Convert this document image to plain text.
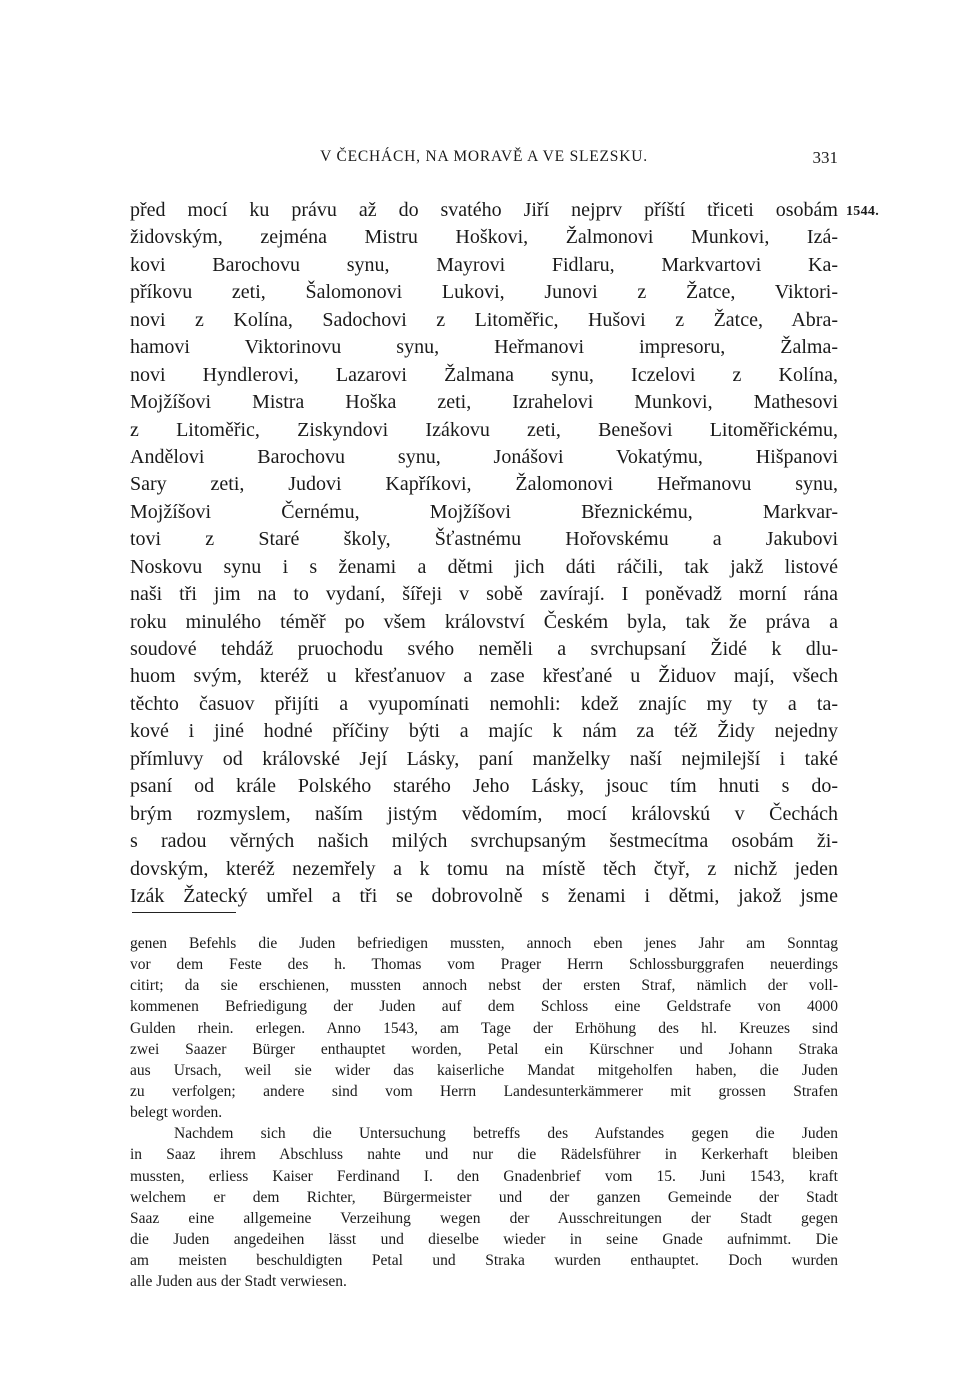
V ČECHÁCH, NA MORAVĚ A VE SLEZSKU.	331
1544.
před mocí ku právu až do svatého Jiří nejprv příští třiceti osobám
židovským, zejména Mistru Hoškovi, Žalmonovi Munkovi, Izá-
kovi Barochovu synu, Mayrovi Fidlaru, Markvartovi Ka-
příkovu zeti, Šalomonovi Lukovi, Junovi z Žatce, Viktori-
novi z Kolína, Sadochovi z Litoměřic, Hušovi z Žatce, Abra-
hamovi Viktorinovu synu, Heřmanovi impresoru, Žalma-
novi Hyndlerovi, Lazarovi Žalmana synu, Iczelovi z Kolína,
Mojžíšovi Mistra Hoška zeti, Izrahelovi Munkovi, Mathesovi
z Litoměřic, Ziskyndovi Izákovu zeti, Benešovi Litoměřickému,
Andělovi Barochovu synu, Jonášovi Vokatýmu, Hišpanovi
Sary zeti, Judovi Kapříkovi, Žalomonovi Heřmanovu synu,
Mojžíšovi Černému, Mojžíšovi Březnickému, Markvar-
tovi z Staré školy, Šťastnému Hořovskému a Jakubovi
Noskovu synu i s ženami a dětmi jich dáti ráčili, tak jakž listové
naši tři jim na to vydaní, šířeji v sobě zavírají. I poněvadž morní rána
roku minulého téměř po všem království Českém byla, tak že práva a
soudové tehdáž pruochodu svého neměli a svrchupsaní Židé k dlu-
huom svým, kteréž u křesťanuov a zase křesťané u Židuov mají, všech
těchto časuov přijíti a vyupomínati nemohli: kdež znajíc my ty a ta-
kové i jiné hodné příčiny býti a majíc k nám za též Židy nejedny
přímluvy od královské Její Lásky, paní manželky naší nejmilejší i také
psaní od krále Polského starého Jeho Lásky, jsouc tím hnuti s do-
brým rozmyslem, naším jistým vědomím, mocí královskú v Čechách
s radou věrných našich milých svrchupsaným šestmecítma osobám ži-
dovským, kteréž nezemřely a k tomu na místě těch čtyř, z nichž jeden
Izák Žatecký umřel a tři se dobrovolně s ženami i dětmi, jakož jsme
genen Befehls die Juden befriedigen mussten, annoch eben jenes Jahr am Sonntag
vor dem Feste des h. Thomas vom Prager Herrn Schlossburggrafen neuerdings
citirt; da sie erschienen, mussten annoch nebst der ersten Straf, nämlich der voll-
kommenen Befriedigung der Juden auf dem Schloss eine Geldstrafe von 4000
Gulden rhein. erlegen. Anno 1543, am Tage der Erhöhung des hl. Kreuzes sind
zwei Saazer Bürger enthauptet worden, Petal ein Kürschner und Johann Straka
aus Ursach, weil sie wider das kaiserliche Mandat mitgeholfen haben, die Juden
zu verfolgen; andere sind vom Herrn Landesunterkämmerer mit grossen Strafen
belegt worden.
Nachdem sich die Untersuchung betreffs des Aufstandes gegen die Juden
in Saaz ihrem Abschluss nahte und nur die Rädelsführer in Kerkerhaft bleiben
mussten, erliess Kaiser Ferdinand I. den Gnadenbrief vom 15. Juni 1543, kraft
welchem er dem Richter, Bürgermeister und der ganzen Gemeinde der Stadt
Saaz eine allgemeine Verzeihung wegen der Ausschreitungen der Stadt gegen
die Juden angedeihen lässt und dieselbe wieder in seine Gnade aufnimmt. Die
am meisten beschuldigten Petal und Straka wurden enthauptet. Doch wurden
alle Juden aus der Stadt verwiesen.
